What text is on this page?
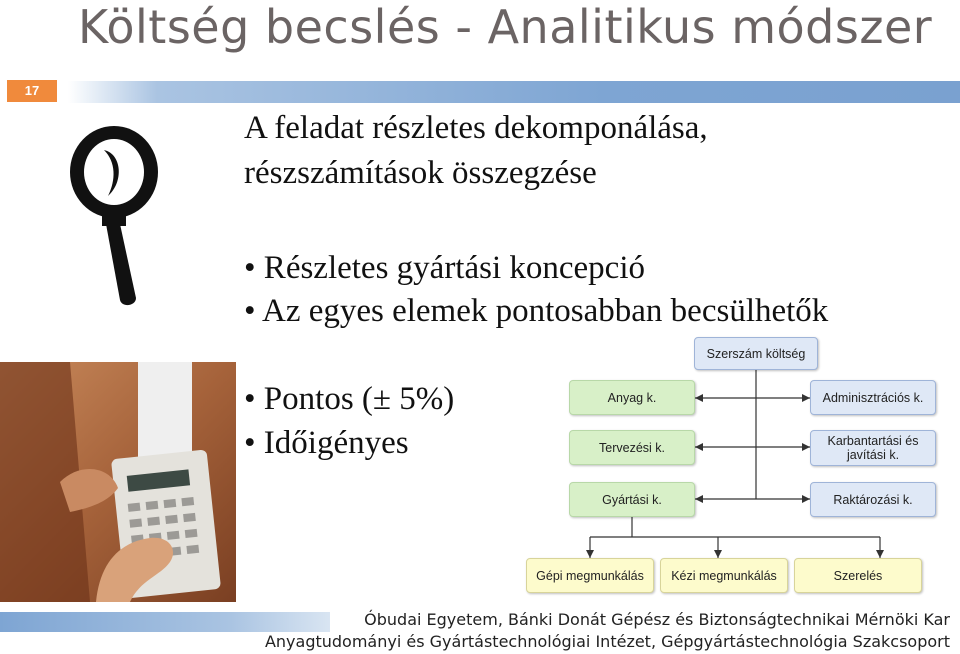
Költség becslés - Analitikus módszer
17
A feladat részletes dekomponálása,
részszámítások összegzése
• Részletes gyártási koncepció
• Az egyes elemek pontosabban becsülhetők
• Pontos (± 5%)
• Időigényes
Szerszám költség
Anyag k.
Tervezési k.
Gyártási k.
Adminisztrációs k.
Karbantartási és javítási k.
Raktározási k.
Gépi megmunkálás	Kézi megmunkálás	Szerelés
Óbudai Egyetem, Bánki Donát Gépész és Biztonságtechnikai Mérnöki Kar
Anyagtudományi és Gyártástechnológiai Intézet, Gépgyártástechnológia Szakcsoport
